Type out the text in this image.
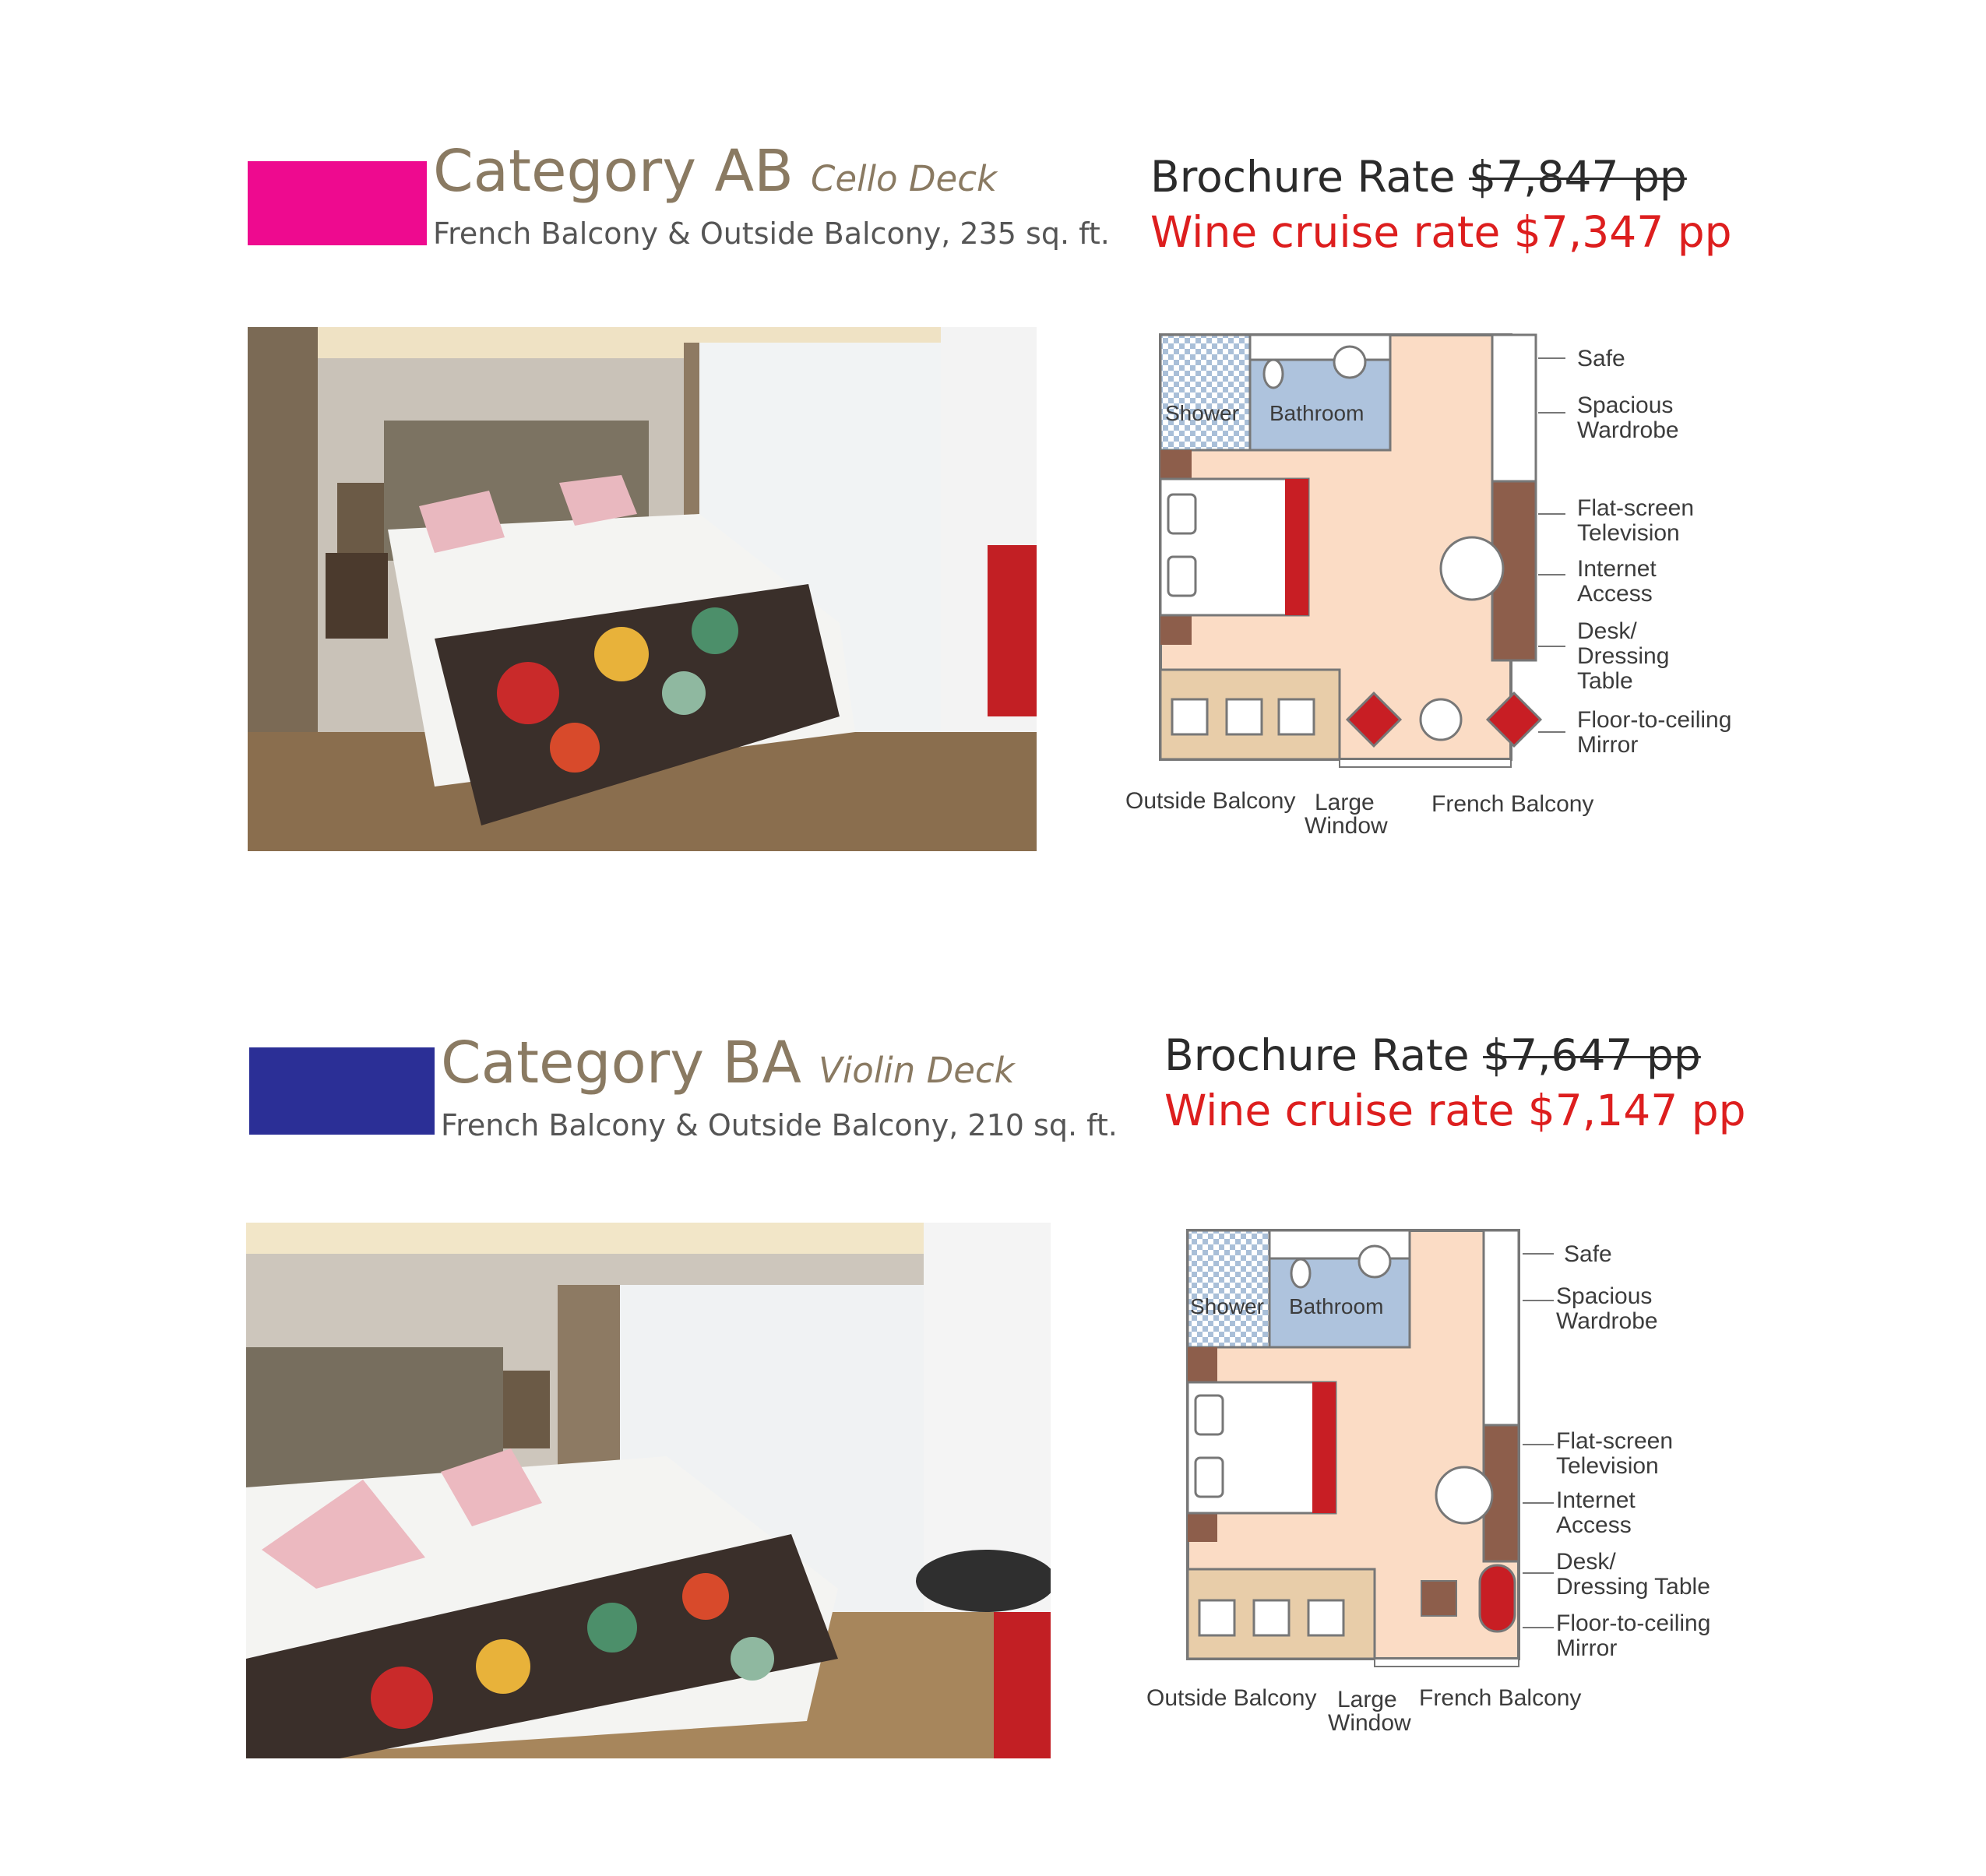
Category AB Cello Deck
French Balcony & Outside Balcony, 235 sq. ft.
Brochure Rate $7,847 pp
Wine cruise rate $7,347 pp
Shower Bathroom
Safe
Spacious
Wardrobe
Flat-screen
Television
Internet
Access
Desk/
Dressing
Table
Floor-to-ceiling
Mirror
Outside Balcony Large
Window
French Balcony
Category BA Violin Deck
French Balcony & Outside Balcony, 210 sq. ft.
Brochure Rate $7,647 pp
Wine cruise rate $7,147 pp
Shower Bathroom
Safe
Spacious
Wardrobe
Flat-screen
Television
Internet
Access
Desk/
Dressing Table
Floor-to-ceiling
Mirror
Outside Balcony Large
Window
French Balcony
